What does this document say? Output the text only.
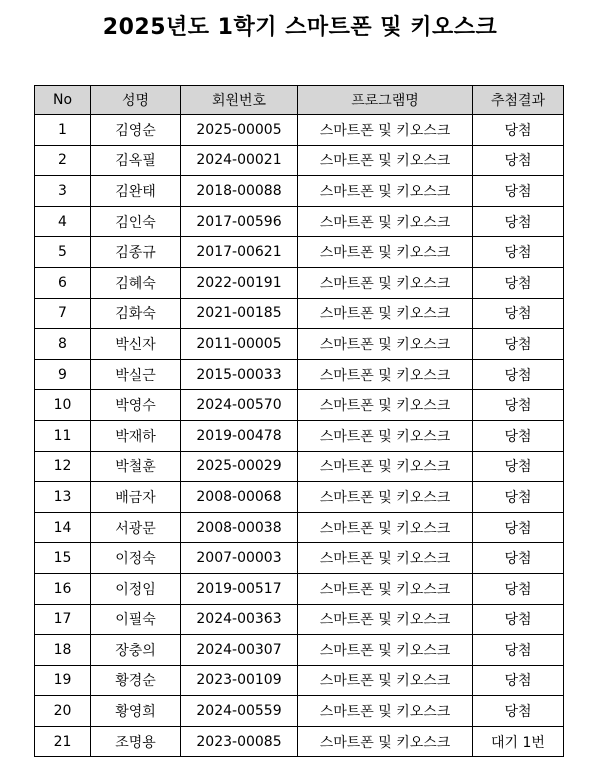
2025년도 1학기 스마트폰 및 키오스크
No	성명	회원번호	프로그램명	추첨결과
1	김영순	2025-00005	스마트폰 및 키오스크	당첨
2	김옥필	2024-00021	스마트폰 및 키오스크	당첨
3	김완태	2018-00088	스마트폰 및 키오스크	당첨
4	김인숙	2017-00596	스마트폰 및 키오스크	당첨
5	김종규	2017-00621	스마트폰 및 키오스크	당첨
6	김혜숙	2022-00191	스마트폰 및 키오스크	당첨
7	김화숙	2021-00185	스마트폰 및 키오스크	당첨
8	박신자	2011-00005	스마트폰 및 키오스크	당첨
9	박실근	2015-00033	스마트폰 및 키오스크	당첨
10	박영수	2024-00570	스마트폰 및 키오스크	당첨
11	박재하	2019-00478	스마트폰 및 키오스크	당첨
12	박철훈	2025-00029	스마트폰 및 키오스크	당첨
13	배금자	2008-00068	스마트폰 및 키오스크	당첨
14	서광문	2008-00038	스마트폰 및 키오스크	당첨
15	이정숙	2007-00003	스마트폰 및 키오스크	당첨
16	이정임	2019-00517	스마트폰 및 키오스크	당첨
17	이필숙	2024-00363	스마트폰 및 키오스크	당첨
18	장충의	2024-00307	스마트폰 및 키오스크	당첨
19	황경순	2023-00109	스마트폰 및 키오스크	당첨
20	황영희	2024-00559	스마트폰 및 키오스크	당첨
21	조명용	2023-00085	스마트폰 및 키오스크	대기 1번
